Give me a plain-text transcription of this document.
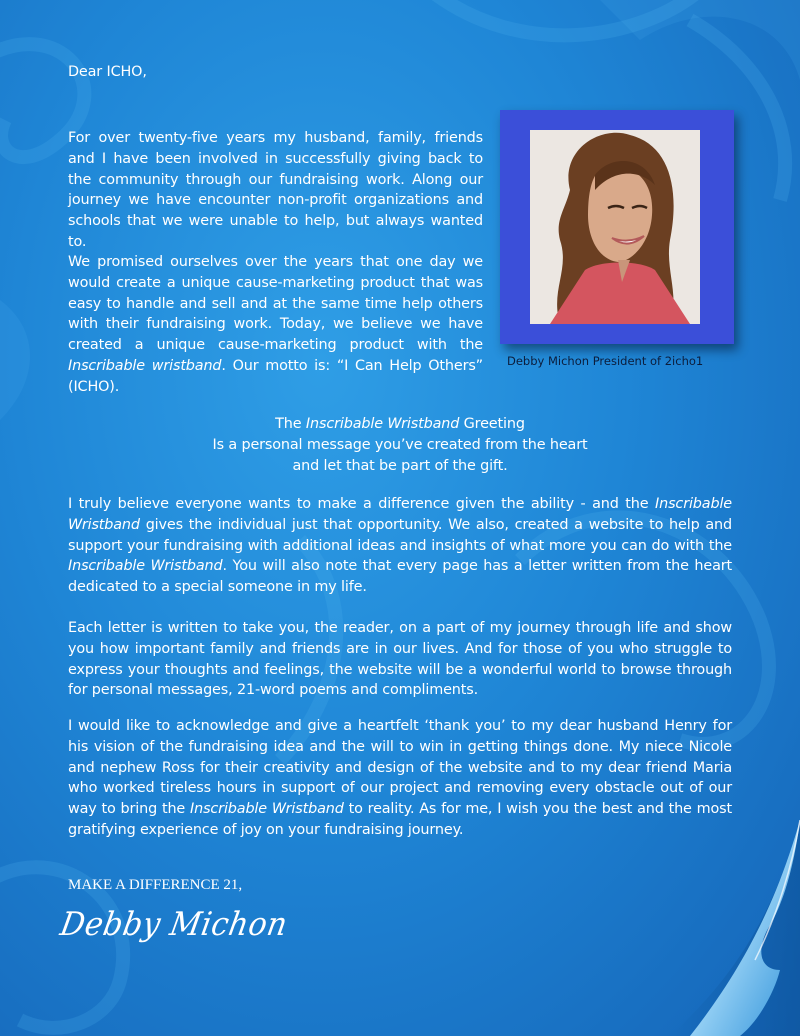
Dear ICHO,
For over twenty-five years my husband, family, friends and I have been involved in successfully giving back to the community through our fundraising work. Along our journey we have encounter non-profit organizations and schools that we were unable to help, but always wanted to.
We promised ourselves over the years that one day we would create a unique cause-marketing product that was easy to handle and sell and at the same time help others with their fundraising work. Today, we believe we have created a unique cause-marketing product with the Inscribable wristband. Our motto is: “I Can Help Others” (ICHO).
Debby Michon President of 2icho1
The Inscribable Wristband Greeting
Is a personal message you’ve created from the heart
and let that be part of the gift.
I truly believe everyone wants to make a difference given the ability - and the Inscribable Wristband gives the individual just that opportunity. We also, created a website to help and support your fundraising with additional ideas and insights of what more you can do with the Inscribable Wristband. You will also note that every page has a letter written from the heart dedicated to a special someone in my life.
Each letter is written to take you, the reader, on a part of my journey through life and show you how important family and friends are in our lives. And for those of you who struggle to express your thoughts and feelings, the website will be a wonderful world to browse through for personal messages, 21-word poems and compliments.
I would like to acknowledge and give a heartfelt ‘thank you’ to my dear husband Henry for his vision of the fundraising idea and the will to win in getting things done. My niece Nicole and nephew Ross for their creativity and design of the website and to my dear friend Maria who worked tireless hours in support of our project and removing every obstacle out of our way to bring the Inscribable Wristband to reality. As for me, I wish you the best and the most gratifying experience of joy on your fundraising journey.
MAKE A DIFFERENCE 21,
Debby Michon
